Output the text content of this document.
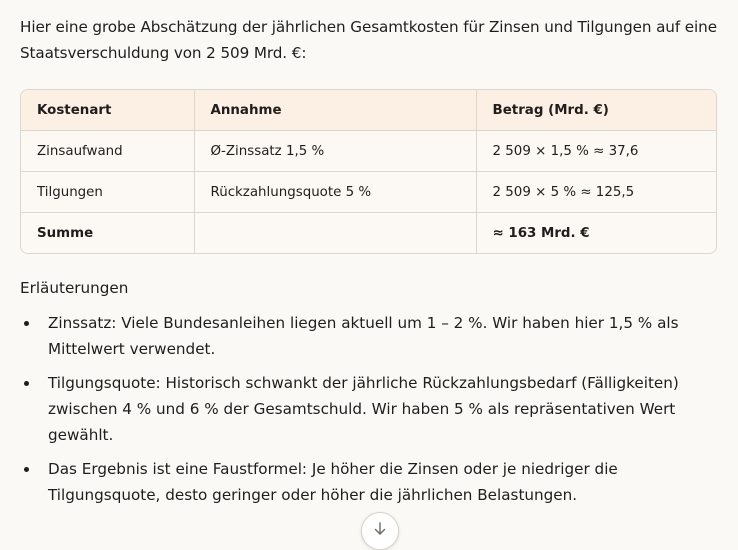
Hier eine grobe Abschätzung der jährlichen Gesamtkosten für Zinsen und Tilgungen auf eine Staatsverschuldung von 2 509 Mrd. €:

Kostenart	Annahme	Betrag (Mrd. €)
Zinsaufwand	Ø-Zinssatz 1,5 %	2 509 × 1,5 % ≈ 37,6
Tilgungen	Rückzahlungsquote 5 %	2 509 × 5 % ≈ 125,5
Summe		≈ 163 Mrd. €

Erläuterungen

Zinssatz: Viele Bundesanleihen liegen aktuell um 1 – 2 %. Wir haben hier 1,5 % als Mittelwert verwendet.
Tilgungsquote: Historisch schwankt der jährliche Rückzahlungsbedarf (Fälligkeiten) zwischen 4 % und 6 % der Gesamtschuld. Wir haben 5 % als repräsentativen Wert gewählt.
Das Ergebnis ist eine Faustformel: Je höher die Zinsen oder je niedriger die Tilgungsquote, desto geringer oder höher die jährlichen Belastungen.
